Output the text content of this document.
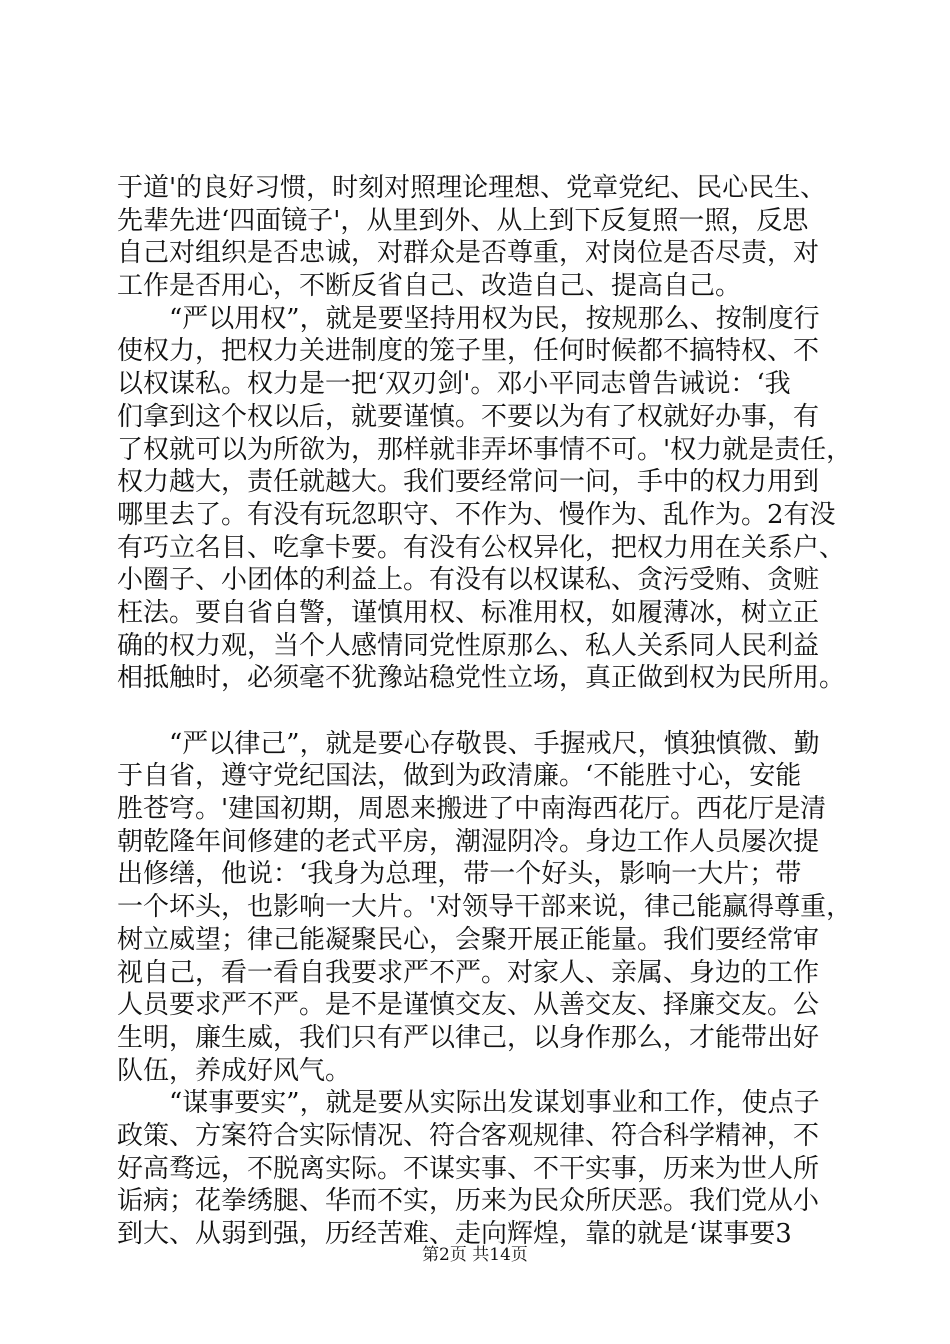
于道'的良好习惯，时刻对照理论理想、党章党纪、民心民生、
先辈先进‘四面镜子'，从里到外、从上到下反复照一照，反思
自己对组织是否忠诚，对群众是否尊重，对岗位是否尽责，对
工作是否用心，不断反省自己、改造自己、提高自己。
　　“严以用权”，就是要坚持用权为民，按规那么、按制度行
使权力，把权力关进制度的笼子里，任何时候都不搞特权、不
以权谋私。权力是一把‘双刃剑'。邓小平同志曾告诫说：‘我
们拿到这个权以后，就要谨慎。不要以为有了权就好办事，有
了权就可以为所欲为，那样就非弄坏事情不可。'权力就是责任，
权力越大，责任就越大。我们要经常问一问，手中的权力用到
哪里去了。有没有玩忽职守、不作为、慢作为、乱作为。2有没
有巧立名目、吃拿卡要。有没有公权异化，把权力用在关系户、
小圈子、小团体的利益上。有没有以权谋私、贪污受贿、贪赃
枉法。要自省自警，谨慎用权、标准用权，如履薄冰，树立正
确的权力观，当个人感情同党性原那么、私人关系同人民利益
相抵触时，必须毫不犹豫站稳党性立场，真正做到权为民所用。
　　“严以律己”，就是要心存敬畏、手握戒尺，慎独慎微、勤
于自省，遵守党纪国法，做到为政清廉。‘不能胜寸心，安能
胜苍穹。'建国初期，周恩来搬进了中南海西花厅。西花厅是清
朝乾隆年间修建的老式平房，潮湿阴冷。身边工作人员屡次提
出修缮，他说：‘我身为总理，带一个好头，影响一大片；带
一个坏头，也影响一大片。'对领导干部来说，律己能赢得尊重，
树立威望；律己能凝聚民心，会聚开展正能量。我们要经常审
视自己，看一看自我要求严不严。对家人、亲属、身边的工作
人员要求严不严。是不是谨慎交友、从善交友、择廉交友。公
生明，廉生威，我们只有严以律己，以身作那么，才能带出好
队伍，养成好风气。
　　“谋事要实”，就是要从实际出发谋划事业和工作，使点子
政策、方案符合实际情况、符合客观规律、符合科学精神，不
好高骛远，不脱离实际。不谋实事、不干实事，历来为世人所
诟病；花拳绣腿、华而不实，历来为民众所厌恶。我们党从小
到大、从弱到强，历经苦难、走向辉煌，靠的就是‘谋事要3
第2页 共14页
